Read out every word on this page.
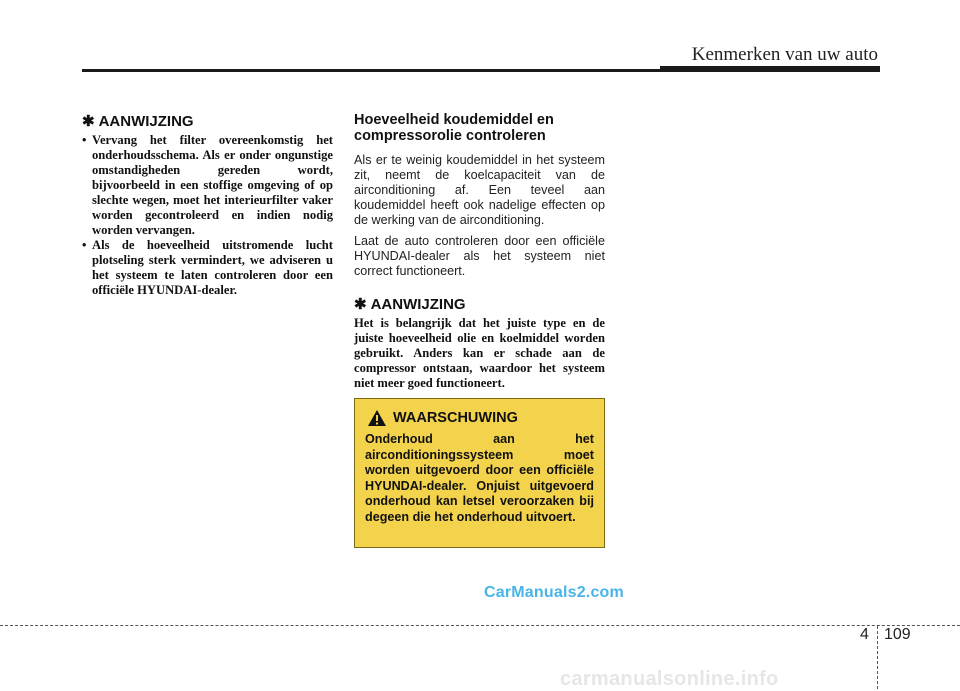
Kenmerken van uw auto
✱ AANWIJZING
• Vervang het filter overeenkomstig het onderhoudsschema. Als er onder ongunstige omstandigheden gereden wordt, bijvoorbeeld in een stoffige omgeving of op slechte wegen, moet het interieurfilter vaker worden gecontroleerd en indien nodig worden vervangen.
• Als de hoeveelheid uitstromende lucht plotseling sterk vermindert, we adviseren u het systeem te laten controleren door een officiële HYUNDAI-dealer.
Hoeveelheid koudemiddel en compressorolie controleren

Als er te weinig koudemiddel in het systeem zit, neemt de koelcapaciteit van de airconditioning af. Een teveel aan koudemiddel heeft ook nadelige effecten op de werking van de airconditioning.

Laat de auto controleren door een officiële HYUNDAI-dealer als het systeem niet correct functioneert.

✱ AANWIJZING

Het is belangrijk dat het juiste type en de juiste hoeveelheid olie en koelmiddel worden gebruikt. Anders kan er schade aan de compressor ontstaan, waardoor het systeem niet meer goed functioneert.

WAARSCHUWING
Onderhoud aan het airconditioningssysteem moet worden uitgevoerd door een officiële HYUNDAI-dealer. Onjuist uitgevoerd onderhoud kan letsel veroorzaken bij degeen die het onderhoud uitvoert.
CarManuals2.com
4 109
carmanualsonline.info
